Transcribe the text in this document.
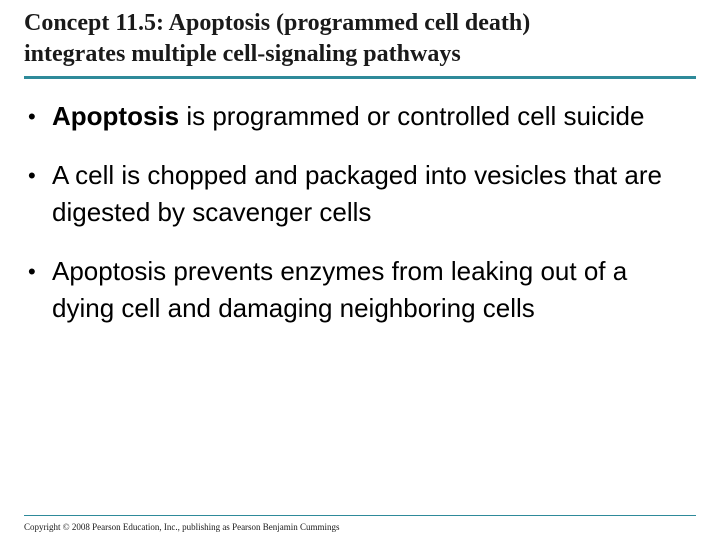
Concept 11.5: Apoptosis (programmed cell death)
integrates multiple cell-signaling pathways
• Apoptosis is programmed or controlled cell suicide
• A cell is chopped and packaged into vesicles that are digested by scavenger cells
• Apoptosis prevents enzymes from leaking out of a dying cell and damaging neighboring cells
Copyright © 2008 Pearson Education, Inc., publishing as Pearson Benjamin Cummings
